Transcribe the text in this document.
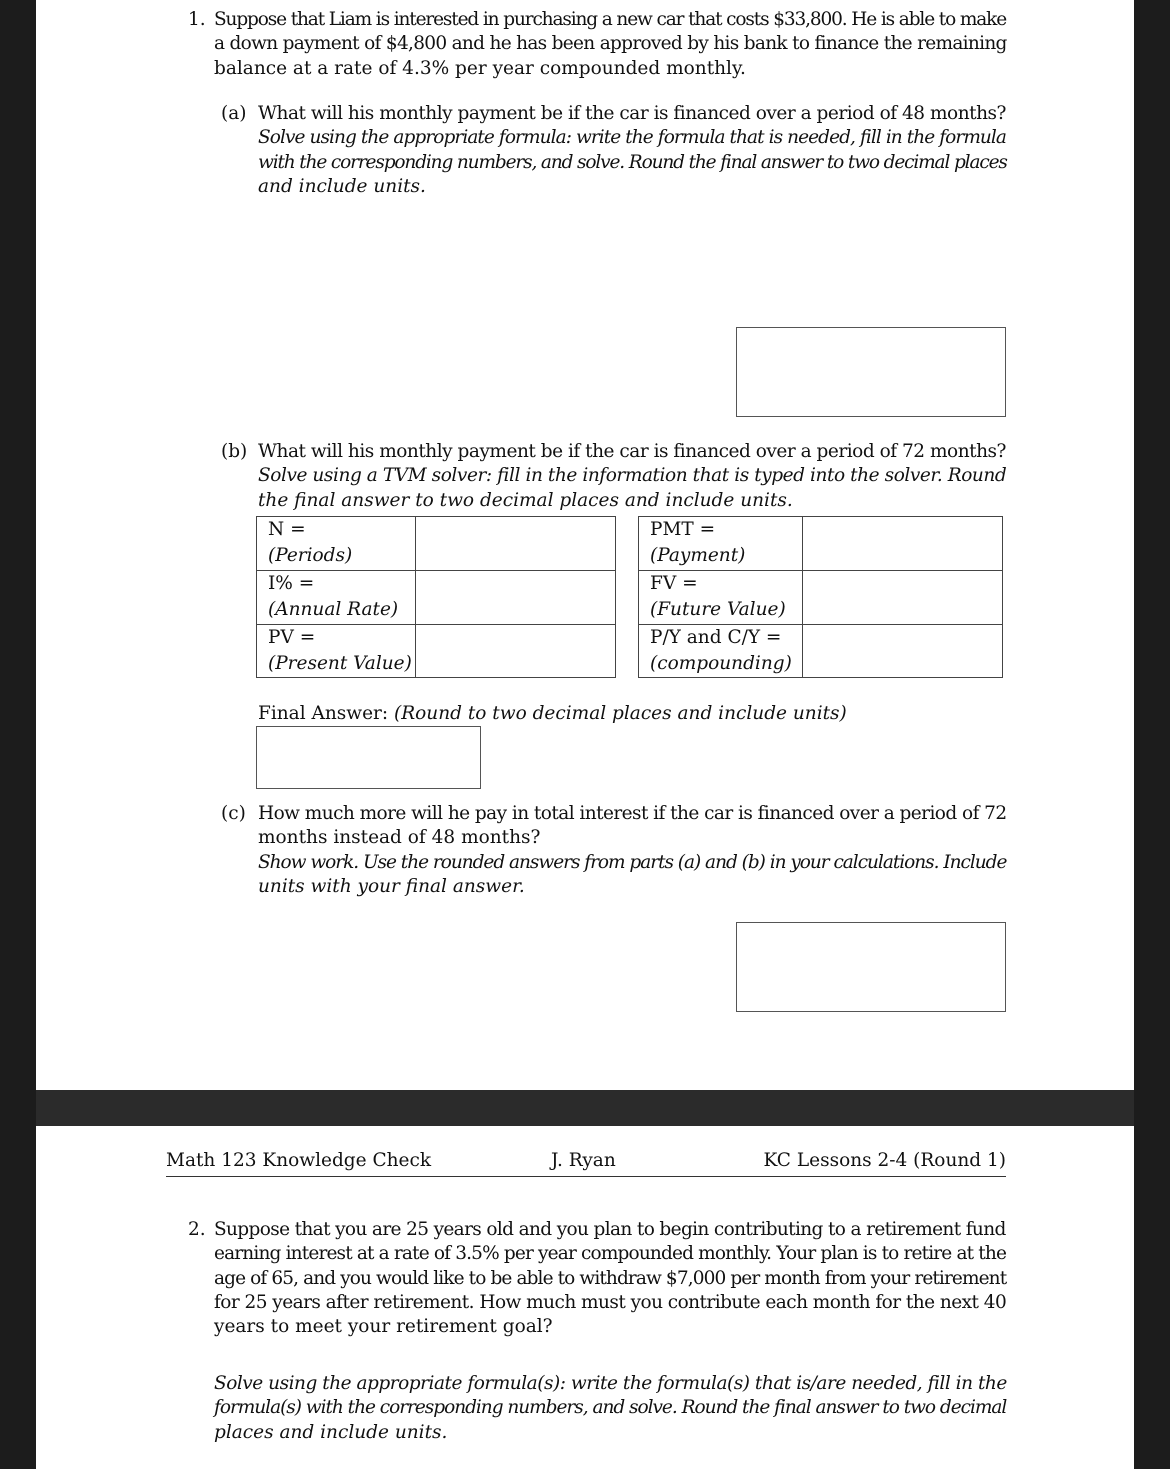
1. Suppose that Liam is interested in purchasing a new car that costs $33,800. He is able to make
a down payment of $4,800 and he has been approved by his bank to finance the remaining
balance at a rate of 4.3% per year compounded monthly.
(a) What will his monthly payment be if the car is financed over a period of 48 months?
Solve using the appropriate formula: write the formula that is needed, fill in the formula
with the corresponding numbers, and solve. Round the final answer to two decimal places
and include units.
(b) What will his monthly payment be if the car is financed over a period of 72 months?
Solve using a TVM solver: fill in the information that is typed into the solver. Round
the final answer to two decimal places and include units.
N =
(Periods)
I% =
(Annual Rate)
PV =
(Present Value)
PMT =
(Payment)
FV =
(Future Value)
P/Y and C/Y =
(compounding)
Final Answer: (Round to two decimal places and include units)
(c) How much more will he pay in total interest if the car is financed over a period of 72
months instead of 48 months?
Show work. Use the rounded answers from parts (a) and (b) in your calculations. Include
units with your final answer.
Math 123 Knowledge Check	J. Ryan	KC Lessons 2-4 (Round 1)
2. Suppose that you are 25 years old and you plan to begin contributing to a retirement fund
earning interest at a rate of 3.5% per year compounded monthly. Your plan is to retire at the
age of 65, and you would like to be able to withdraw $7,000 per month from your retirement
for 25 years after retirement. How much must you contribute each month for the next 40
years to meet your retirement goal?
Solve using the appropriate formula(s): write the formula(s) that is/are needed, fill in the
formula(s) with the corresponding numbers, and solve. Round the final answer to two decimal
places and include units.
